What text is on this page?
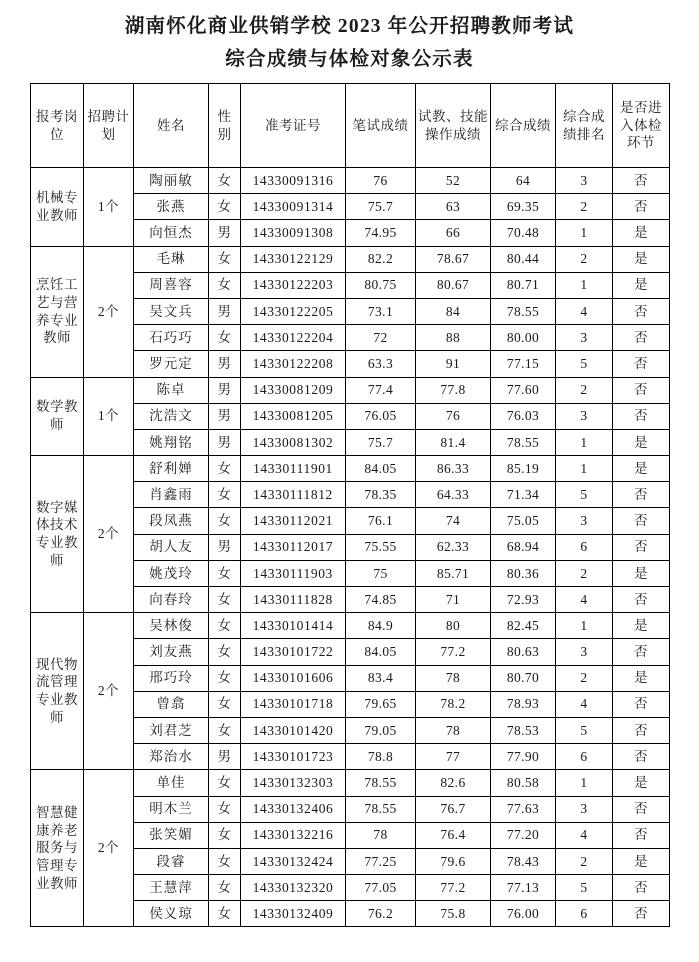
湖南怀化商业供销学校 2023 年公开招聘教师考试
综合成绩与体检对象公示表
报考岗位	招聘计划	姓名	性别	准考证号	笔试成绩	试教、技能操作成绩	综合成绩	综合成绩排名	是否进入体检环节

机械专业教师	1个	陶丽敏	女	14330091316	76	52	64	3	否
		张燕	女	14330091314	75.7	63	69.35	2	否
		向恒杰	男	14330091308	74.95	66	70.48	1	是
烹饪工艺与营养专业教师	2个	毛琳	女	14330122129	82.2	78.67	80.44	2	是
		周喜容	女	14330122203	80.75	80.67	80.71	1	是
		吴文兵	男	14330122205	73.1	84	78.55	4	否
		石巧巧	女	14330122204	72	88	80.00	3	否
		罗元定	男	14330122208	63.3	91	77.15	5	否
数学教师	1个	陈卓	男	14330081209	77.4	77.8	77.60	2	否
		沈浩文	男	14330081205	76.05	76	76.03	3	否
		姚翔铭	男	14330081302	75.7	81.4	78.55	1	是
数字媒体技术专业教师	2个	舒利婵	女	14330111901	84.05	86.33	85.19	1	是
		肖鑫雨	女	14330111812	78.35	64.33	71.34	5	否
		段凤燕	女	14330112021	76.1	74	75.05	3	否
		胡人友	男	14330112017	75.55	62.33	68.94	6	否
		姚茂玲	女	14330111903	75	85.71	80.36	2	是
		向春玲	女	14330111828	74.85	71	72.93	4	否
现代物流管理专业教师	2个	吴林俊	女	14330101414	84.9	80	82.45	1	是
		刘友燕	女	14330101722	84.05	77.2	80.63	3	否
		邢巧玲	女	14330101606	83.4	78	80.70	2	是
		曾翕	女	14330101718	79.65	78.2	78.93	4	否
		刘君芝	女	14330101420	79.05	78	78.53	5	否
		郑治水	男	14330101723	78.8	77	77.90	6	否
智慧健康养老服务与管理专业教师	2个	单佳	女	14330132303	78.55	82.6	80.58	1	是
		明木兰	女	14330132406	78.55	76.7	77.63	3	否
		张笑媚	女	14330132216	78	76.4	77.20	4	否
		段睿	女	14330132424	77.25	79.6	78.43	2	是
		王慧萍	女	14330132320	77.05	77.2	77.13	5	否
		侯义琼	女	14330132409	76.2	75.8	76.00	6	否
